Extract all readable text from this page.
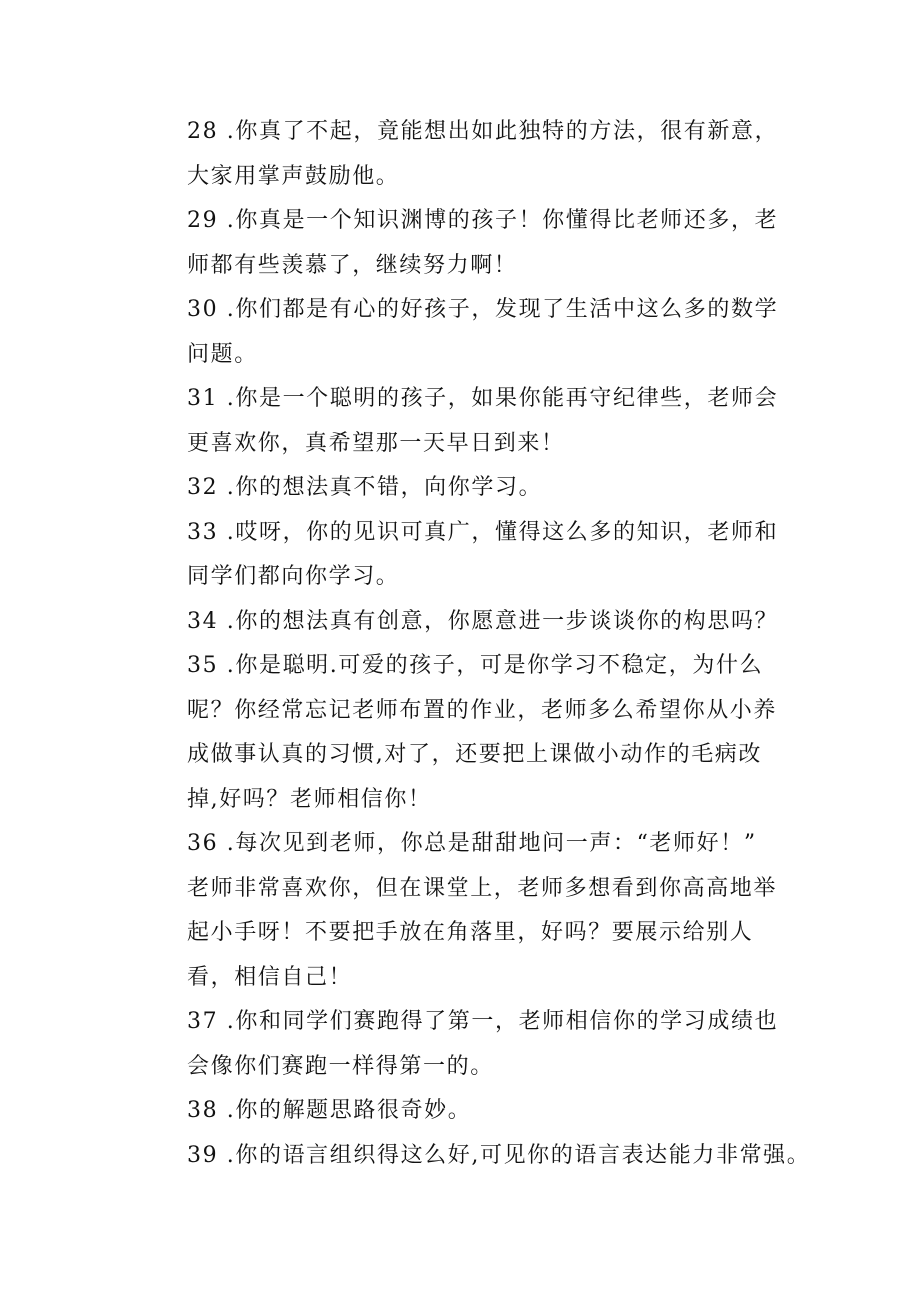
28 .你真了不起，竟能想出如此独特的方法，很有新意，
大家用掌声鼓励他。
29 .你真是一个知识渊博的孩子！你懂得比老师还多，老
师都有些羡慕了，继续努力啊！
30 .你们都是有心的好孩子，发现了生活中这么多的数学
问题。
31 .你是一个聪明的孩子，如果你能再守纪律些，老师会
更喜欢你，真希望那一天早日到来！
32 .你的想法真不错，向你学习。
33 .哎呀，你的见识可真广，懂得这么多的知识，老师和
同学们都向你学习。
34 .你的想法真有创意，你愿意进一步谈谈你的构思吗？
35 .你是聪明.可爱的孩子，可是你学习不稳定，为什么
呢？你经常忘记老师布置的作业，老师多么希望你从小养
成做事认真的习惯,对了，还要把上课做小动作的毛病改
掉,好吗？老师相信你！
36 .每次见到老师，你总是甜甜地问一声：“老师好！”
老师非常喜欢你，但在课堂上，老师多想看到你高高地举
起小手呀！不要把手放在角落里，好吗？要展示给别人
看，相信自己！
37 .你和同学们赛跑得了第一，老师相信你的学习成绩也
会像你们赛跑一样得第一的。
38 .你的解题思路很奇妙。
39 .你的语言组织得这么好,可见你的语言表达能力非常强。
